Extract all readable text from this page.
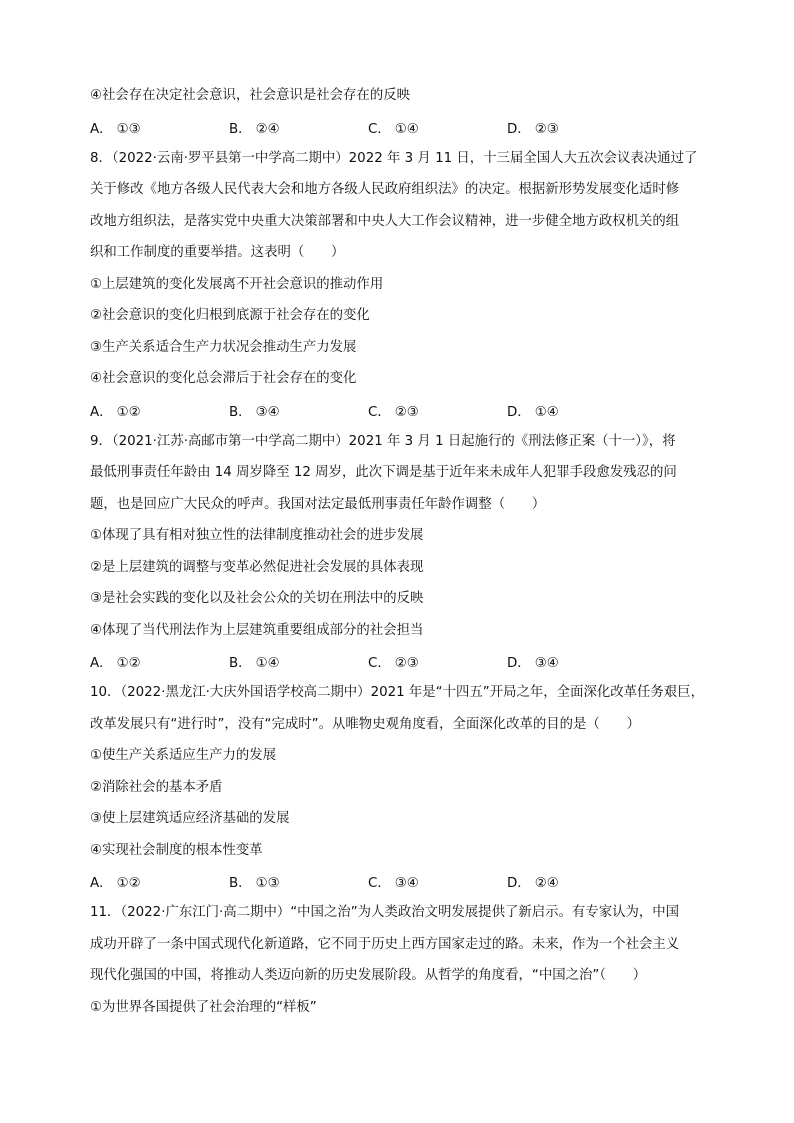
④社会存在决定社会意识，社会意识是社会存在的反映

A． ①③	B． ②④	C． ①④	D． ②③

8．（2022·云南·罗平县第一中学高二期中）2022 年 3 月 11 日，十三届全国人大五次会议表决通过了

关于修改《地方各级人民代表大会和地方各级人民政府组织法》的决定。根据新形势发展变化适时修

改地方组织法，是落实党中央重大决策部署和中央人大工作会议精神，进一步健全地方政权机关的组

织和工作制度的重要举措。这表明（　　）

①上层建筑的变化发展离不开社会意识的推动作用

②社会意识的变化归根到底源于社会存在的变化

③生产关系适合生产力状况会推动生产力发展

④社会意识的变化总会滞后于社会存在的变化

A． ①②	B． ③④	C． ②③	D． ①④

9．（2021·江苏·高邮市第一中学高二期中）2021 年 3 月 1 日起施行的《刑法修正案（十一）》，将

最低刑事责任年龄由 14 周岁降至 12 周岁，此次下调是基于近年来未成年人犯罪手段愈发残忍的问

题，也是回应广大民众的呼声。我国对法定最低刑事责任年龄作调整（　　）

①体现了具有相对独立性的法律制度推动社会的进步发展

②是上层建筑的调整与变革必然促进社会发展的具体表现

③是社会实践的变化以及社会公众的关切在刑法中的反映

④体现了当代刑法作为上层建筑重要组成部分的社会担当

A． ①②	B． ①④	C． ②③	D． ③④

10．（2022·黑龙江·大庆外国语学校高二期中）2021 年是“十四五”开局之年，全面深化改革任务艰巨，

改革发展只有“进行时”，没有“完成时”。从唯物史观角度看，全面深化改革的目的是（　　）

①使生产关系适应生产力的发展

②消除社会的基本矛盾

③使上层建筑适应经济基础的发展

④实现社会制度的根本性变革

A． ①②	B． ①③	C． ③④	D． ②④

11．（2022·广东江门·高二期中）“中国之治”为人类政治文明发展提供了新启示。有专家认为，中国

成功开辟了一条中国式现代化新道路，它不同于历史上西方国家走过的路。未来，作为一个社会主义

现代化强国的中国，将推动人类迈向新的历史发展阶段。从哲学的角度看，“中国之治”（　　）

①为世界各国提供了社会治理的“样板”
